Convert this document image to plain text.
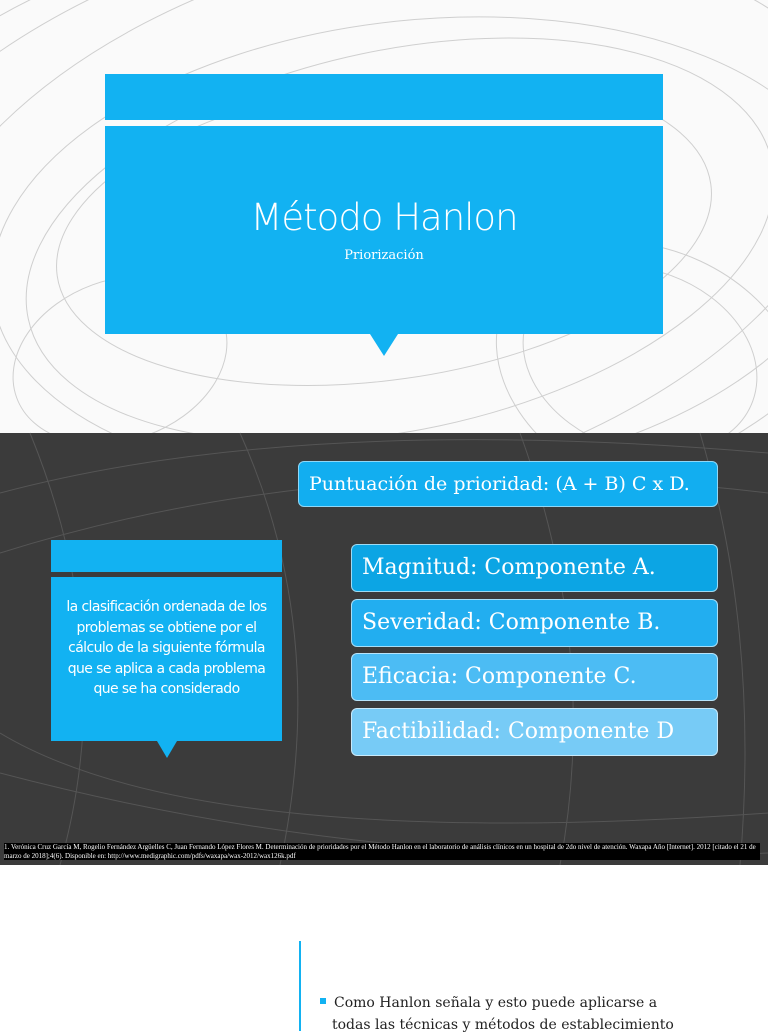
Método Hanlon
Priorización
Puntuación de prioridad: (A + B) C x D.
la clasificación ordenada de los problemas se obtiene por el cálculo de la siguiente fórmula que se aplica a cada problema que se ha considerado
Magnitud: Componente A.
Severidad: Componente B.
Eficacia: Componente C.
Factibilidad: Componente D
1. Verónica Cruz García M, Rogelio Fernández Argüelles C, Juan Fernando López Flores M. Determinación de prioridades por el Método Hanlon en el laboratorio de análisis clínicos en un hospital de 2do nivel de atención. Waxapa Año [Internet]. 2012 [citado el 21 de marzo de 2018];4(6). Disponible en: http://www.medigraphic.com/pdfs/waxapa/wax-2012/wax126k.pdf
Como Hanlon señala y esto puede aplicarse a
todas las técnicas y métodos de establecimiento
